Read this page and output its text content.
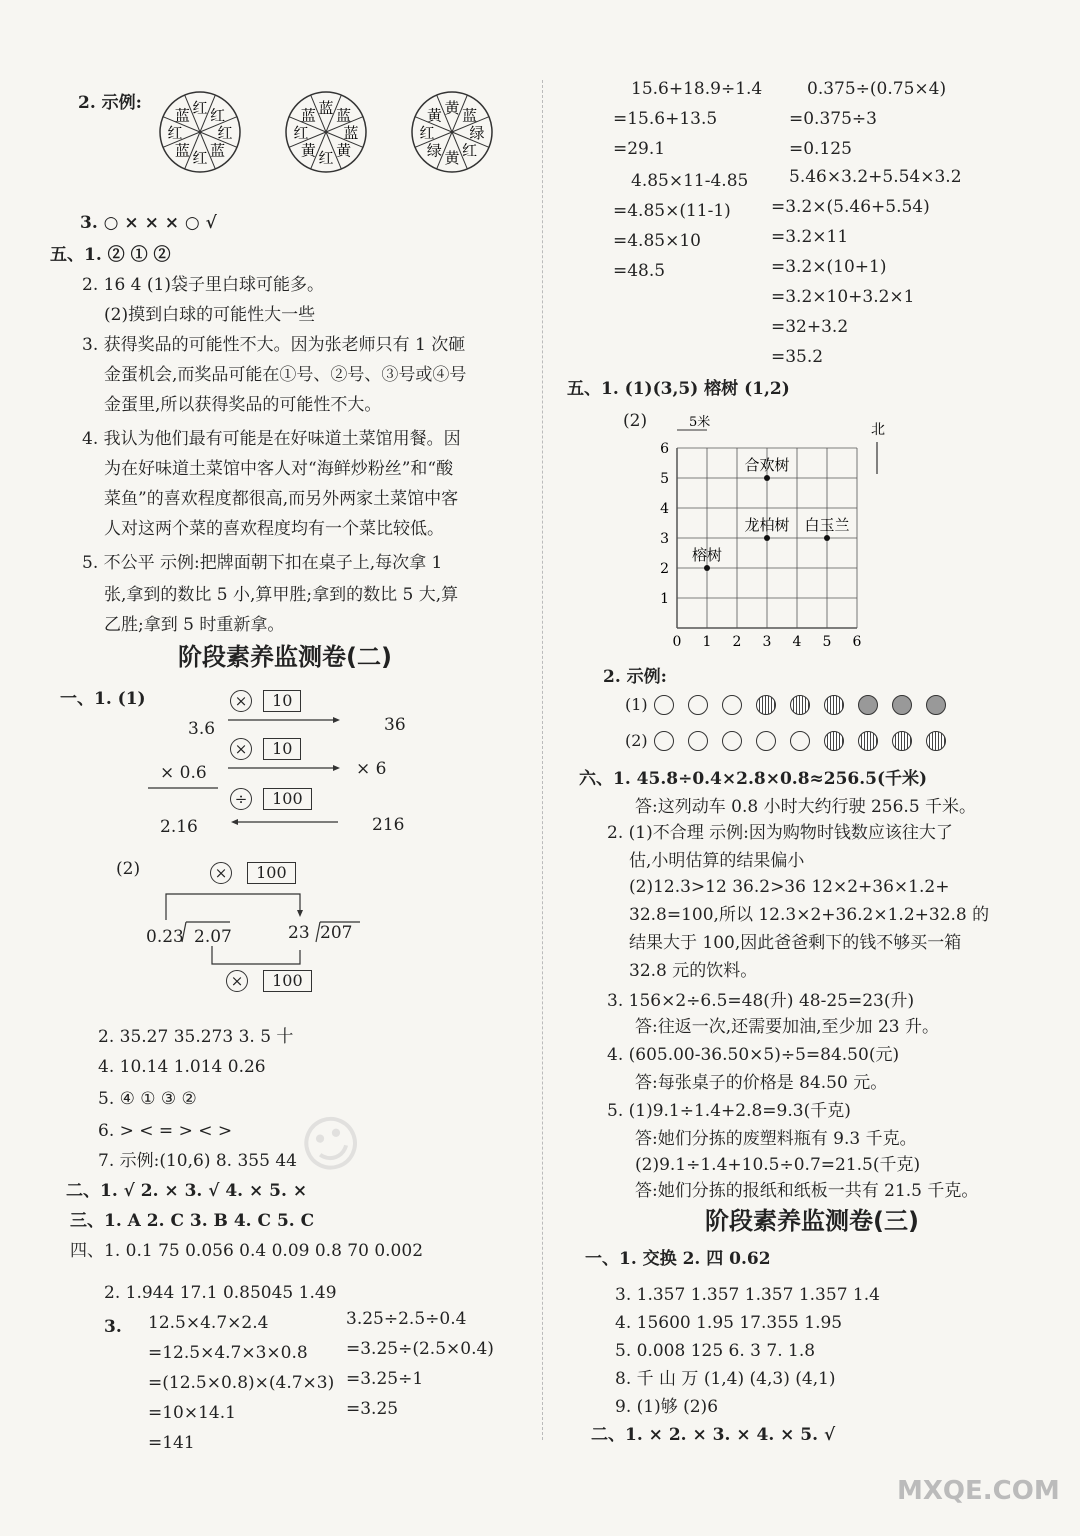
2. 示例:	红 红
红
蓝
红
蓝
红
蓝	蓝 蓝
蓝
黄
红
黄
红
蓝	黄 蓝
绿
红
黄
绿
红
黄
3. ○ × × × ○ √
五、1. ② ① ②
2. 16 4 (1)袋子里白球可能多。
(2)摸到白球的可能性大一些
3. 获得奖品的可能性不大。因为张老师只有 1 次砸
金蛋机会,而奖品可能在①号、②号、③号或④号
金蛋里,所以获得奖品的可能性不大。
4. 我认为他们最有可能是在好味道土菜馆用餐。因
为在好味道土菜馆中客人对“海鲜炒粉丝”和“酸
菜鱼”的喜欢程度都很高,而另外两家土菜馆中客
人对这两个菜的喜欢程度均有一个菜比较低。
5. 不公平 示例:把牌面朝下扣在桌子上,每次拿 1
张,拿到的数比 5 小,算甲胜;拿到的数比 5 大,算
乙胜;拿到 5 时重新拿。
阶段素养监测卷(二)
一、1. (1)
3.6
× 0.6
2.16
36
× 6
216
× 10
× 10
÷ 100
(2)	× 100
0.23 2.07	23 207
× 100
2. 35.27 35.273 3. 5 十
4. 10.14 1.014 0.26
5. ④ ① ③ ②
6. > < = > < >
7. 示例:(10,6) 8. 355 44
二、1. √ 2. × 3. √ 4. × 5. ×
三、1. A 2. C 3. B 4. C 5. C
四、1. 0.1 75 0.056 0.4 0.09 0.8 70 0.002
2. 1.944 17.1 0.85045 1.49
3. 12.5×4.7×2.4
=12.5×4.7×3×0.8
=(12.5×0.8)×(4.7×3)
=10×14.1
=141
3.25÷2.5÷0.4
=3.25÷(2.5×0.4)
=3.25÷1
=3.25
☺
15.6+18.9÷1.4
=15.6+13.5
=29.1
0.375÷(0.75×4)
=0.375÷3
=0.125
4.85×11-4.85
=4.85×(11-1)
=4.85×10
=48.5
5.46×3.2+5.54×3.2
=3.2×(5.46+5.54)
=3.2×11
=3.2×(10+1)
=3.2×10+3.2×1
=32+3.2
=35.2
五、1. (1)(3,5) 榕树 (1,2)
(2)
0 1 2 3 4 5 6
1
2
3
4
5
6
5米	北
合欢树
白玉兰
龙柏树
榕树
2. 示例:
(1)
(2)
六、1. 45.8÷0.4×2.8×0.8≈256.5(千米)
答:这列动车 0.8 小时大约行驶 256.5 千米。
2. (1)不合理 示例:因为购物时钱数应该往大了
估,小明估算的结果偏小
(2)12.3>12 36.2>36 12×2+36×1.2+
32.8=100,所以 12.3×2+36.2×1.2+32.8 的
结果大于 100,因此爸爸剩下的钱不够买一箱
32.8 元的饮料。
3. 156×2÷6.5=48(升) 48-25=23(升)
答:往返一次,还需要加油,至少加 23 升。
4. (605.00-36.50×5)÷5=84.50(元)
答:每张桌子的价格是 84.50 元。
5. (1)9.1÷1.4+2.8=9.3(千克)
答:她们分拣的废塑料瓶有 9.3 千克。
(2)9.1÷1.4+10.5÷0.7=21.5(千克)
答:她们分拣的报纸和纸板一共有 21.5 千克。
阶段素养监测卷(三)
一、1. 交换 2. 四 0.62
3. 1.357 1.357 1.357 1.357 1.4
4. 15600 1.95 17.355 1.95
5. 0.008 125 6. 3 7. 1.8
8. 千 山 万 (1,4) (4,3) (4,1)
9. (1)够 (2)6
二、1. × 2. × 3. × 4. × 5. √
MXQE.COM
